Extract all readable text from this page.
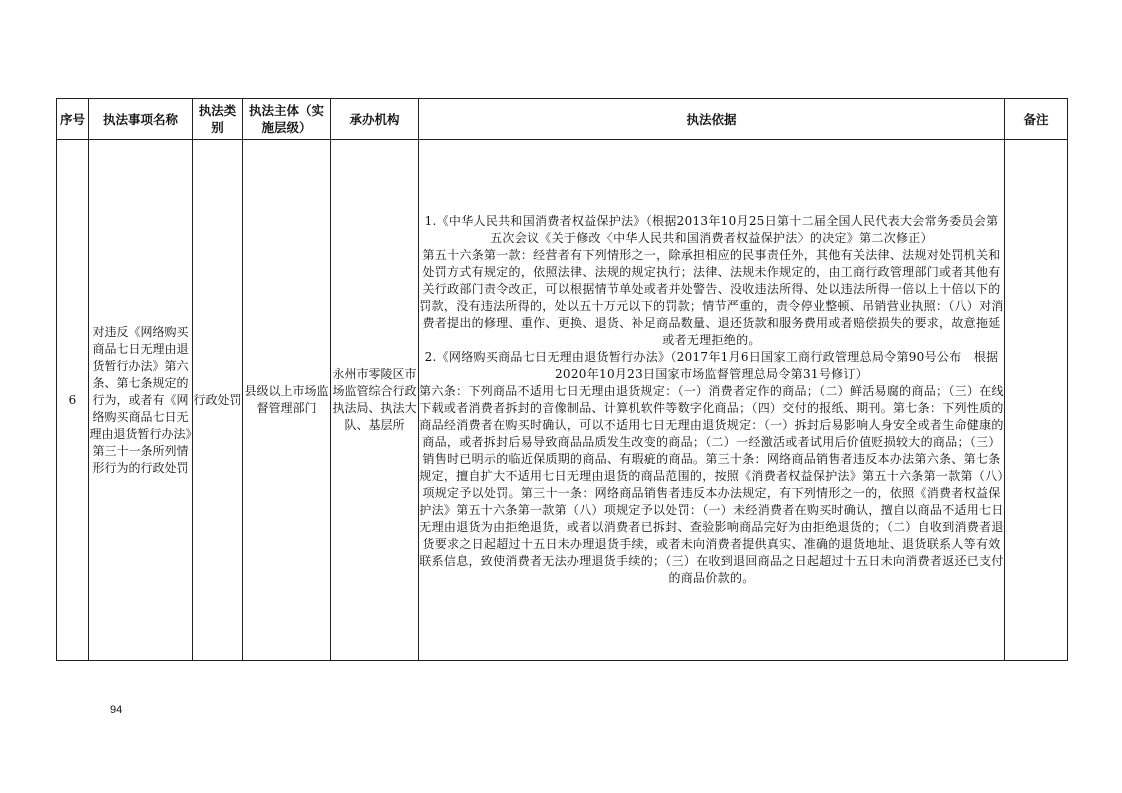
序号	执法事项名称	执法类别	执法主体（实施层级）	承办机构	执法依据	备注
6	对违反《网络购买商品七日无理由退货暂行办法》第六条、第七条规定的行为，或者有《网络购买商品七日无理由退货暂行办法》第三十一条所列情形行为的行政处罚	行政处罚	县级以上市场监督管理部门	永州市零陵区市场监管综合行政执法局、执法大队、基层所	1.《中华人民共和国消费者权益保护法》（根据2013年10月25日第十二届全国人民代表大会常务委员会第五次会议《关于修改〈中华人民共和国消费者权益保护法〉的决定》第二次修正）
第五十六条第一款：经营者有下列情形之一，除承担相应的民事责任外，其他有关法律、法规对处罚机关和处罚方式有规定的，依照法律、法规的规定执行；法律、法规未作规定的，由工商行政管理部门或者其他有关行政部门责令改正，可以根据情节单处或者并处警告、没收违法所得、处以违法所得一倍以上十倍以下的罚款，没有违法所得的，处以五十万元以下的罚款；情节严重的，责令停业整顿、吊销营业执照：（八）对消费者提出的修理、重作、更换、退货、补足商品数量、退还货款和服务费用或者赔偿损失的要求，故意拖延或者无理拒绝的。
2.《网络购买商品七日无理由退货暂行办法》（2017年1月6日国家工商行政管理总局令第90号公布　根据2020年10月23日国家市场监督管理总局令第31号修订）
第六条：下列商品不适用七日无理由退货规定：（一）消费者定作的商品；（二）鲜活易腐的商品；（三）在线下载或者消费者拆封的音像制品、计算机软件等数字化商品；（四）交付的报纸、期刊。第七条：下列性质的商品经消费者在购买时确认，可以不适用七日无理由退货规定：（一）拆封后易影响人身安全或者生命健康的商品，或者拆封后易导致商品品质发生改变的商品；（二）一经激活或者试用后价值贬损较大的商品；（三）销售时已明示的临近保质期的商品、有瑕疵的商品。第三十条：网络商品销售者违反本办法第六条、第七条规定，擅自扩大不适用七日无理由退货的商品范围的，按照《消费者权益保护法》第五十六条第一款第（八）项规定予以处罚。第三十一条：网络商品销售者违反本办法规定，有下列情形之一的，依照《消费者权益保护法》第五十六条第一款第（八）项规定予以处罚：（一）未经消费者在购买时确认，擅自以商品不适用七日无理由退货为由拒绝退货，或者以消费者已拆封、查验影响商品完好为由拒绝退货的；（二）自收到消费者退货要求之日起超过十五日未办理退货手续，或者未向消费者提供真实、准确的退货地址、退货联系人等有效联系信息，致使消费者无法办理退货手续的；（三）在收到退回商品之日起超过十五日未向消费者返还已支付的商品价款的。	

94
